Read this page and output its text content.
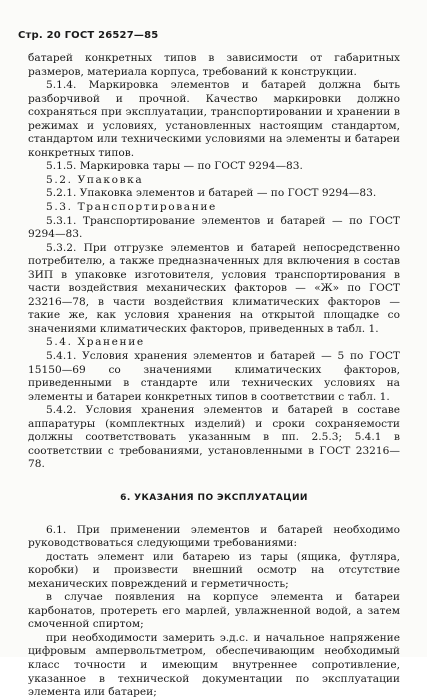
Стр. 20 ГОСТ 26527—85

батарей конкретных типов в зависимости от габаритных размеров, материала корпуса, требований к конструкции.

5.1.4. Маркировка элементов и батарей должна быть разборчивой и прочной. Качество маркировки должно сохраняться при эксплуатации, транспортировании и хранении в режимах и условиях, установленных настоящим стандартом, стандартом или техническими условиями на элементы и батареи конкретных типов.

5.1.5. Маркировка тары — по ГОСТ 9294—83.

5.2. Упаковка

5.2.1. Упаковка элементов и батарей — по ГОСТ 9294—83.

5.3. Транспортирование

5.3.1. Транспортирование элементов и батарей — по ГОСТ 9294—83.

5.3.2. При отгрузке элементов и батарей непосредственно потребителю, а также предназначенных для включения в состав ЗИП в упаковке изготовителя, условия транспортирования в части воздействия механических факторов — «Ж» по ГОСТ 23216—78, в части воздействия климатических факторов — такие же, как условия хранения на открытой площадке со значениями климатических факторов, приведенных в табл. 1.

5.4. Хранение

5.4.1. Условия хранения элементов и батарей — 5 по ГОСТ 15150—69 со значениями климатических факторов, приведенными в стандарте или технических условиях на элементы и батареи конкретных типов в соответствии с табл. 1.

5.4.2. Условия хранения элементов и батарей в составе аппаратуры (комплектных изделий) и сроки сохраняемости должны соответствовать указанным в пп. 2.5.3; 5.4.1 в соответствии с требованиями, установленными в ГОСТ 23216—78.

6. УКАЗАНИЯ ПО ЭКСПЛУАТАЦИИ

6.1. При применении элементов и батарей необходимо руководствоваться следующими требованиями:

достать элемент или батарею из тары (ящика, футляра, коробки) и произвести внешний осмотр на отсутствие механических повреждений и герметичность;

в случае появления на корпусе элемента и батареи карбонатов, протереть его марлей, увлажненной водой, а затем смоченной спиртом;

при необходимости замерить э.д.с. и начальное напряжение цифровым ампервольтметром, обеспечивающим необходимый класс точности и имеющим внутреннее сопротивление, указанное в технической документации по эксплуатации элемента или батареи;
